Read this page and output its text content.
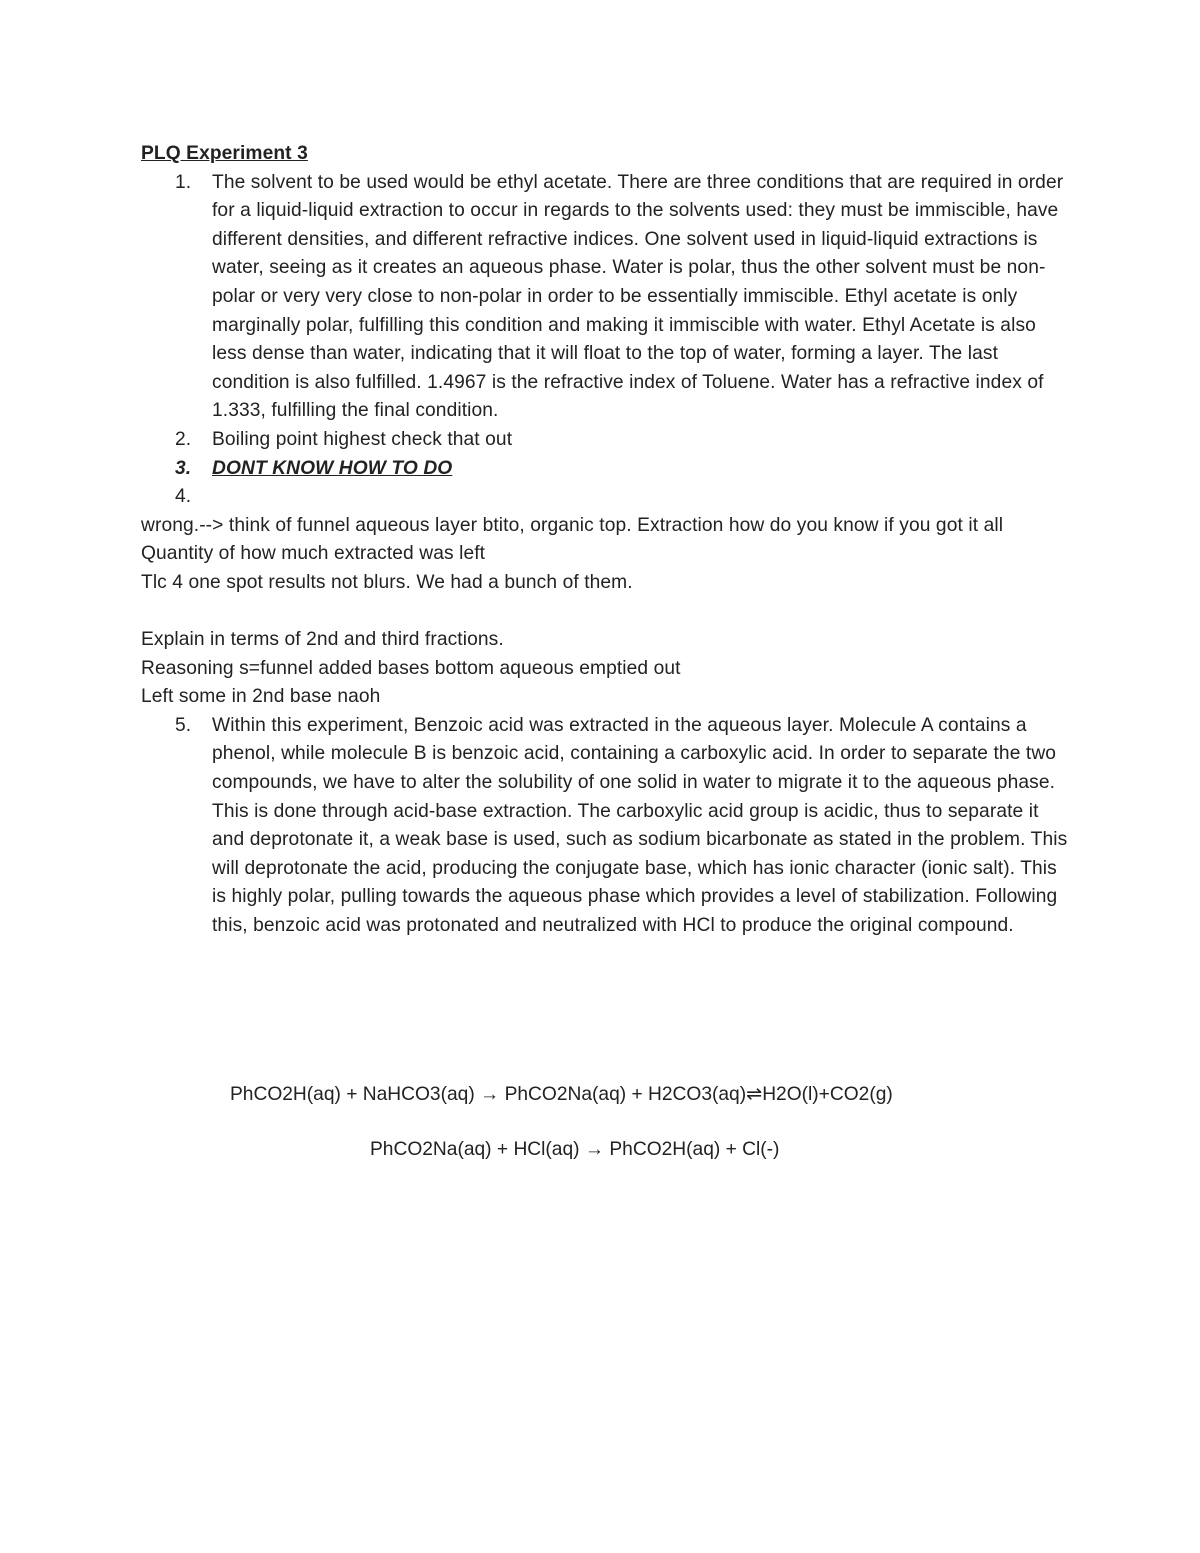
PLQ Experiment 3

1. The solvent to be used would be ethyl acetate. There are three conditions that are required in order for a liquid-liquid extraction to occur in regards to the solvents used: they must be immiscible, have different densities, and different refractive indices. One solvent used in liquid-liquid extractions is water, seeing as it creates an aqueous phase. Water is polar, thus the other solvent must be non-polar or very very close to non-polar in order to be essentially immiscible. Ethyl acetate is only marginally polar, fulfilling this condition and making it immiscible with water. Ethyl Acetate is also less dense than water, indicating that it will float to the top of water, forming a layer. The last condition is also fulfilled. 1.4967 is the refractive index of Toluene. Water has a refractive index of 1.333, fulfilling the final condition.
2. Boiling point highest check that out
3. DONT KNOW HOW TO DO
4.

wrong.--> think of funnel aqueous layer btito, organic top. Extraction how do you know if you got it all

Quantity of how much extracted was left

Tlc 4 one spot results not blurs. We had a bunch of them.

Explain in terms of 2nd and third fractions.

Reasoning s=funnel added bases bottom aqueous emptied out

Left some in 2nd base naoh

5. Within this experiment, Benzoic acid was extracted in the aqueous layer. Molecule A contains a phenol, while molecule B is benzoic acid, containing a carboxylic acid. In order to separate the two compounds, we have to alter the solubility of one solid in water to migrate it to the aqueous phase. This is done through acid-base extraction. The carboxylic acid group is acidic, thus to separate it and deprotonate it, a weak base is used, such as sodium bicarbonate as stated in the problem. This will deprotonate the acid, producing the conjugate base, which has ionic character (ionic salt). This is highly polar, pulling towards the aqueous phase which provides a level of stabilization. Following this, benzoic acid was protonated and neutralized with HCl to produce the original compound.

PhCO2H(aq) + NaHCO3(aq) → PhCO2Na(aq) + H2CO3(aq)⇌H2O(l)+CO2(g)

PhCO2Na(aq) + HCl(aq) → PhCO2H(aq) + Cl(-)
